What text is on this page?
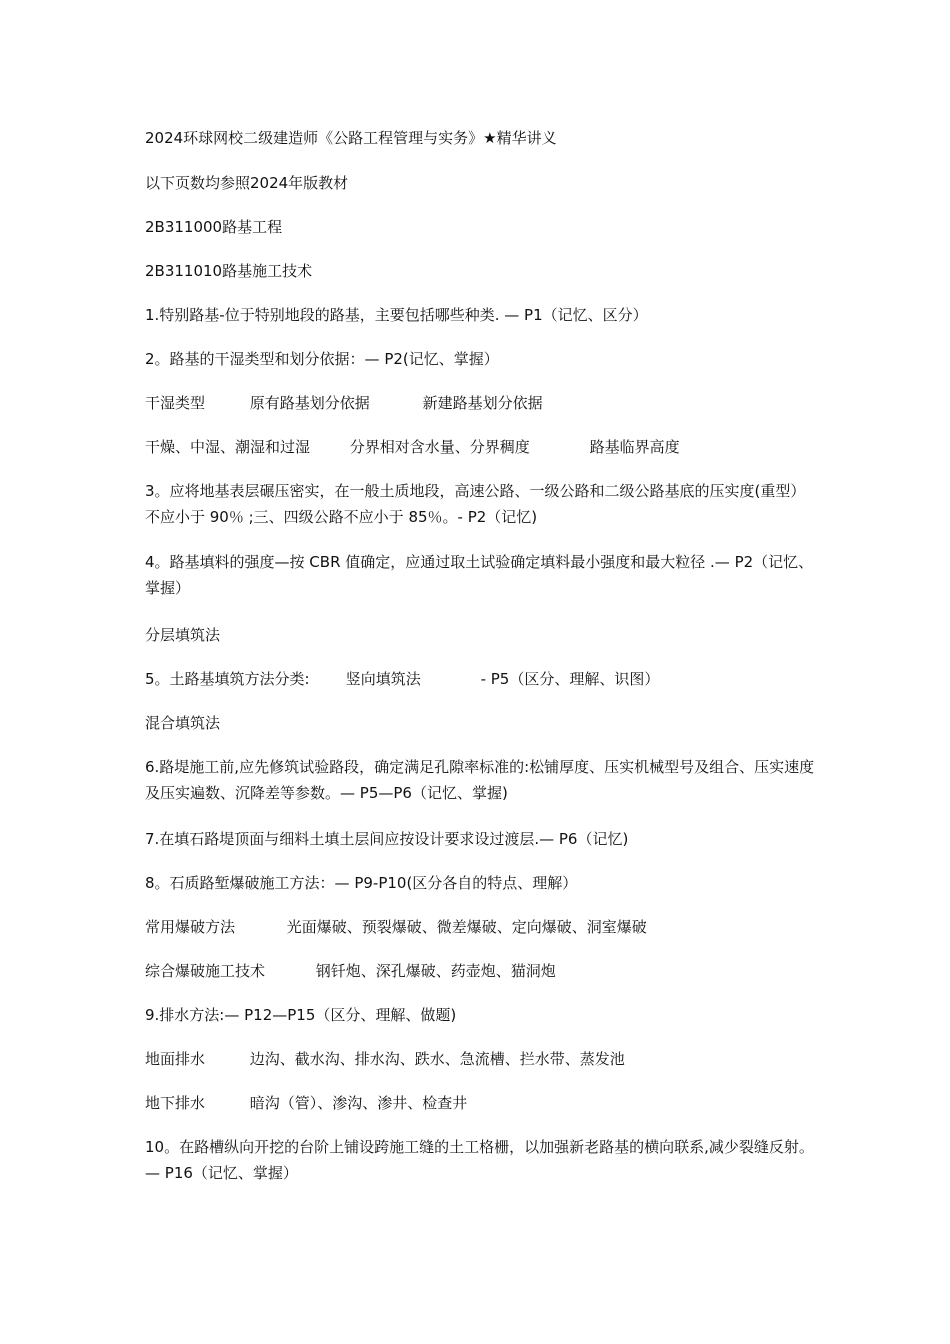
2024环球网校二级建造师《公路工程管理与实务》★精华讲义
以下页数均参照2024年版教材
2B311000路基工程
2B311010路基施工技术
1.特别路基-位于特别地段的路基，主要包括哪些种类. — P1（记忆、区分）
2。路基的干湿类型和划分依据：— P2(记忆、掌握）
干湿类型	原有路基划分依据	新建路基划分依据
干燥、中湿、潮湿和过湿	分界相对含水量、分界稠度	路基临界高度
3。应将地基表层碾压密实，在一般土质地段，高速公路、一级公路和二级公路基底的压实度(重型）不应小于 90％ ;三、四级公路不应小于 85％。- P2（记忆)
4。路基填料的强度—按 CBR 值确定，应通过取土试验确定填料最小强度和最大粒径 .— P2（记忆、掌握）
分层填筑法
5。土路基填筑方法分类: 竖向填筑法	- P5（区分、理解、识图）
混合填筑法
6.路堤施工前,应先修筑试验路段，确定满足孔隙率标准的:松铺厚度、压实机械型号及组合、压实速度及压实遍数、沉降差等参数。— P5—P6（记忆、掌握)
7.在填石路堤顶面与细料土填土层间应按设计要求设过渡层.— P6（记忆)
8。石质路堑爆破施工方法：— P9-P10(区分各自的特点、理解）
常用爆破方法	光面爆破、预裂爆破、微差爆破、定向爆破、洞室爆破
综合爆破施工技术	钢钎炮、深孔爆破、药壶炮、猫洞炮
9.排水方法:— P12—P15（区分、理解、做题)
地面排水	边沟、截水沟、排水沟、跌水、急流槽、拦水带、蒸发池
地下排水	暗沟（管）、渗沟、渗井、检查井
10。在路槽纵向开挖的台阶上铺设跨施工缝的土工格栅，以加强新老路基的横向联系,减少裂缝反射。— P16（记忆、掌握）
